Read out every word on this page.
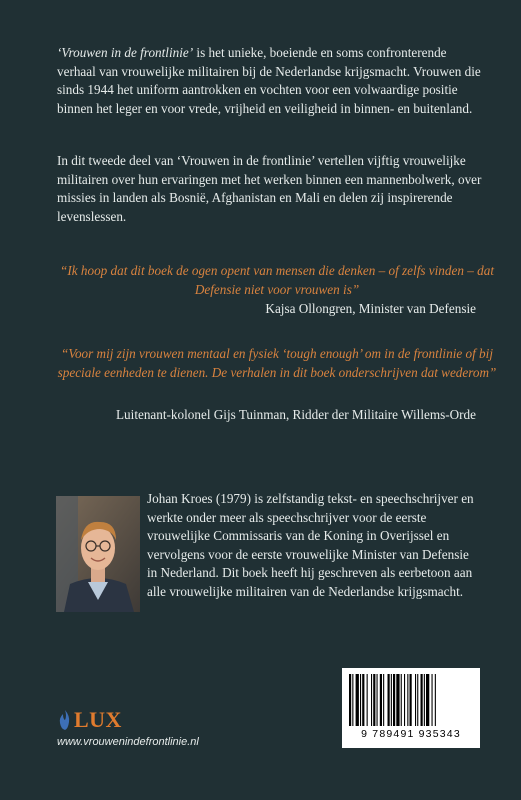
‘Vrouwen in de frontlinie’ is het unieke, boeiende en soms confronterende verhaal van vrouwelijke militairen bij de Nederlandse krijgsmacht. Vrouwen die sinds 1944 het uniform aantrokken en vochten voor een volwaardige positie binnen het leger en voor vrede, vrijheid en veiligheid in binnen- en buitenland.

In dit tweede deel van ‘Vrouwen in de frontlinie’ vertellen vijftig vrouwelijke militairen over hun ervaringen met het werken binnen een mannenbolwerk, over missies in landen als Bosnië, Afghanistan en Mali en delen zij inspirerende levenslessen.

“Ik hoop dat dit boek de ogen opent van mensen die denken – of zelfs vinden – dat Defensie niet voor vrouwen is”

Kajsa Ollongren, Minister van Defensie

“Voor mij zijn vrouwen mentaal en fysiek ‘tough enough’ om in de frontlinie of bij speciale eenheden te dienen. De verhalen in dit boek onderschrijven dat wederom”

Luitenant-kolonel Gijs Tuinman, Ridder der Militaire Willems-Orde

Johan Kroes (1979) is zelfstandig tekst- en speechschrijver en werkte onder meer als speechschrijver voor de eerste vrouwelijke Commissaris van de Koning in Overijssel en vervolgens voor de eerste vrouwelijke Minister van Defensie in Nederland. Dit boek heeft hij geschreven als eerbetoon aan alle vrouwelijke militairen van de Nederlandse krijgsmacht.

9 789491 935343
LUX
www.vrouwenindefrontlinie.nl
